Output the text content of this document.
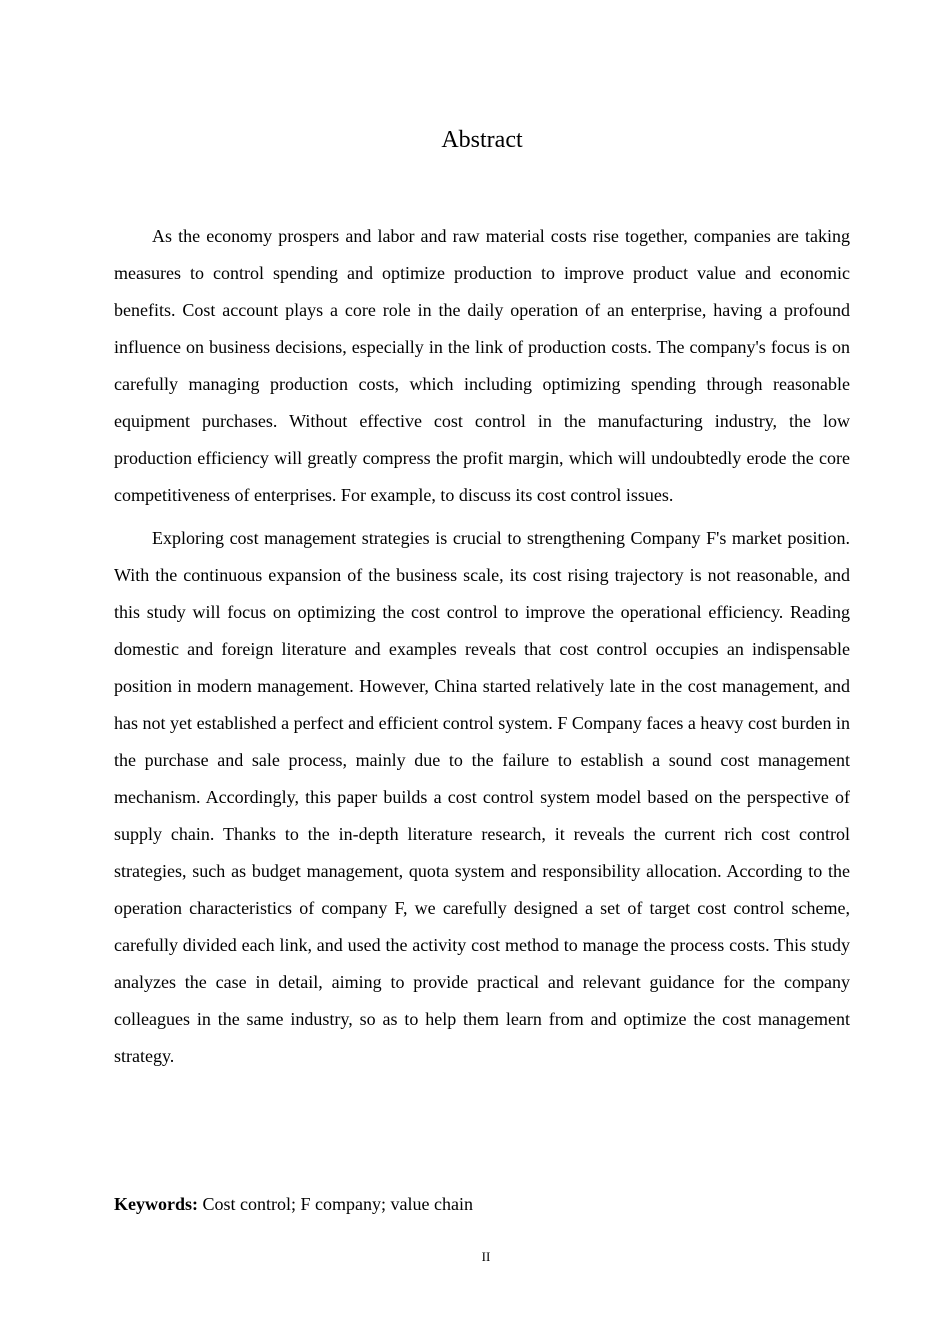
Abstract

As the economy prospers and labor and raw material costs rise together, companies are taking measures to control spending and optimize production to improve product value and economic benefits. Cost account plays a core role in the daily operation of an enterprise, having a profound influence on business decisions, especially in the link of production costs. The company's focus is on carefully managing production costs, which including optimizing spending through reasonable equipment purchases. Without effective cost control in the manufacturing industry, the low production efficiency will greatly compress the profit margin, which will undoubtedly erode the core competitiveness of enterprises. For example, to discuss its cost control issues.

Exploring cost management strategies is crucial to strengthening Company F's market position. With the continuous expansion of the business scale, its cost rising trajectory is not reasonable, and this study will focus on optimizing the cost control to improve the operational efficiency. Reading domestic and foreign literature and examples reveals that cost control occupies an indispensable position in modern management. However, China started relatively late in the cost management, and has not yet established a perfect and efficient control system. F Company faces a heavy cost burden in the purchase and sale process, mainly due to the failure to establish a sound cost management mechanism. Accordingly, this paper builds a cost control system model based on the perspective of supply chain. Thanks to the in-depth literature research, it reveals the current rich cost control strategies, such as budget management, quota system and responsibility allocation. According to the operation characteristics of company F, we carefully designed a set of target cost control scheme, carefully divided each link, and used the activity cost method to manage the process costs. This study analyzes the case in detail, aiming to provide practical and relevant guidance for the company colleagues in the same industry, so as to help them learn from and optimize the cost management strategy.

Keywords: Cost control; F company; value chain

II
